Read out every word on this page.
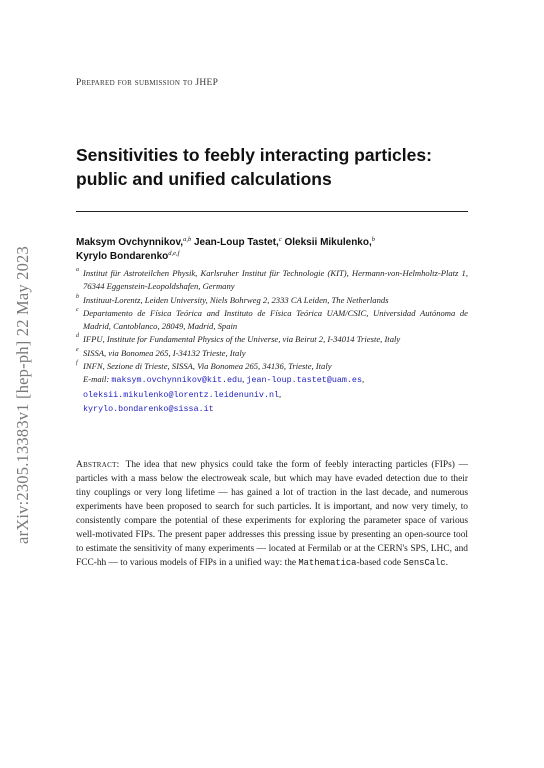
arXiv:2305.13383v1 [hep-ph] 22 May 2023
Prepared for submission to JHEP
Sensitivities to feebly interacting particles: public and unified calculations
Maksym Ovchynnikov,$^{a,b}$ Jean-Loup Tastet,$^c$ Oleksii Mikulenko,$^b$
Kyrylo Bondarenko$^{d,e,f}$
a Institut für Astroteilchen Physik, Karlsruher Institut für Technologie (KIT), Hermann-von-Helmholtz-Platz 1, 76344 Eggenstein-Leopoldshafen, Germany
b Instituut-Lorentz, Leiden University, Niels Bohrweg 2, 2333 CA Leiden, The Netherlands
c Departamento de Física Teórica and Instituto de Física Teórica UAM/CSIC, Universidad Autónoma de Madrid, Cantoblanco, 28049, Madrid, Spain
d IFPU, Institute for Fundamental Physics of the Universe, via Beirut 2, I-34014 Trieste, Italy
e SISSA, via Bonomea 265, I-34132 Trieste, Italy
f INFN, Sezione di Trieste, SISSA, Via Bonomea 265, 34136, Trieste, Italy
E-mail: maksym.ovchynnikov@kit.edu, jean-loup.tastet@uam.es,
oleksii.mikulenko@lorentz.leidenuniv.nl,
kyrylo.bondarenko@sissa.it

Abstract: The idea that new physics could take the form of feebly interacting particles (FIPs) — particles with a mass below the electroweak scale, but which may have evaded detection due to their tiny couplings or very long lifetime — has gained a lot of traction in the last decade, and numerous experiments have been proposed to search for such particles. It is important, and now very timely, to consistently compare the potential of these experiments for exploring the parameter space of various well-motivated FIPs. The present paper addresses this pressing issue by presenting an open-source tool to estimate the sensitivity of many experiments — located at Fermilab or at the CERN's SPS, LHC, and FCC-hh — to various models of FIPs in a unified way: the Mathematica-based code SensCalc.
